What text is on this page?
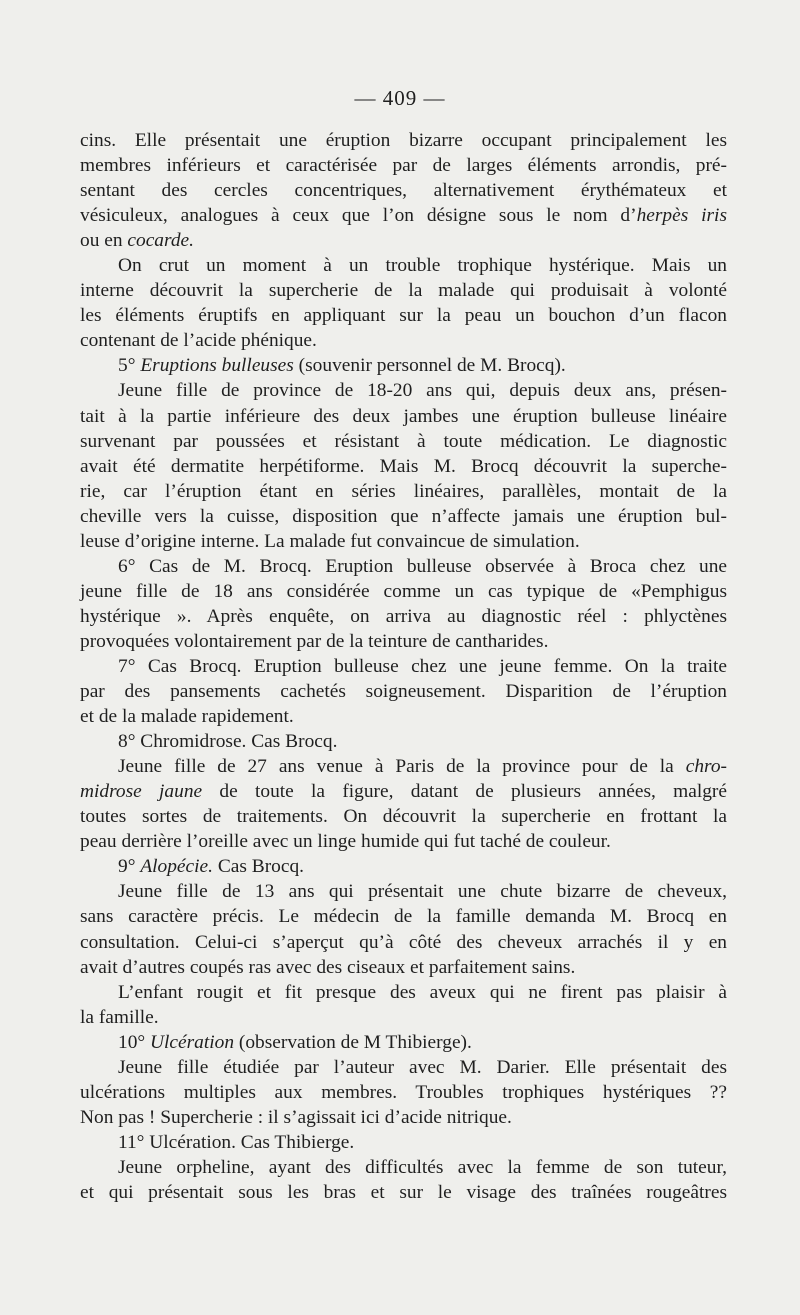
— 409 —

cins. Elle présentait une éruption bizarre occupant principalement les

membres inférieurs et caractérisée par de larges éléments arrondis, pré-

sentant des cercles concentriques, alternativement érythémateux et

vésiculeux, analogues à ceux que l’on désigne sous le nom d’herpès iris

ou en cocarde.

On crut un moment à un trouble trophique hystérique. Mais un

interne découvrit la supercherie de la malade qui produisait à volonté

les éléments éruptifs en appliquant sur la peau un bouchon d’un flacon

contenant de l’acide phénique.

5° Eruptions bulleuses (souvenir personnel de M. Brocq).

Jeune fille de province de 18-20 ans qui, depuis deux ans, présen-

tait à la partie inférieure des deux jambes une éruption bulleuse linéaire

survenant par poussées et résistant à toute médication. Le diagnostic

avait été dermatite herpétiforme. Mais M. Brocq découvrit la superche-

rie, car l’éruption étant en séries linéaires, parallèles, montait de la

cheville vers la cuisse, disposition que n’affecte jamais une éruption bul-

leuse d’origine interne. La malade fut convaincue de simulation.

6° Cas de M. Brocq. Eruption bulleuse observée à Broca chez une

jeune fille de 18 ans considérée comme un cas typique de «Pemphigus

hystérique ». Après enquête, on arriva au diagnostic réel : phlyctènes

provoquées volontairement par de la teinture de cantharides.

7° Cas Brocq. Eruption bulleuse chez une jeune femme. On la traite

par des pansements cachetés soigneusement. Disparition de l’éruption

et de la malade rapidement.

8° Chromidrose. Cas Brocq.

Jeune fille de 27 ans venue à Paris de la province pour de la chro-

midrose jaune de toute la figure, datant de plusieurs années, malgré

toutes sortes de traitements. On découvrit la supercherie en frottant la

peau derrière l’oreille avec un linge humide qui fut taché de couleur.

9° Alopécie. Cas Brocq.

Jeune fille de 13 ans qui présentait une chute bizarre de cheveux,

sans caractère précis. Le médecin de la famille demanda M. Brocq en

consultation. Celui-ci s’aperçut qu’à côté des cheveux arrachés il y en

avait d’autres coupés ras avec des ciseaux et parfaitement sains.

L’enfant rougit et fit presque des aveux qui ne firent pas plaisir à

la famille.

10° Ulcération (observation de M Thibierge).

Jeune fille étudiée par l’auteur avec M. Darier. Elle présentait des

ulcérations multiples aux membres. Troubles trophiques hystériques ??

Non pas ! Supercherie : il s’agissait ici d’acide nitrique.

11° Ulcération. Cas Thibierge.

Jeune orpheline, ayant des difficultés avec la femme de son tuteur,

et qui présentait sous les bras et sur le visage des traînées rougeâtres
